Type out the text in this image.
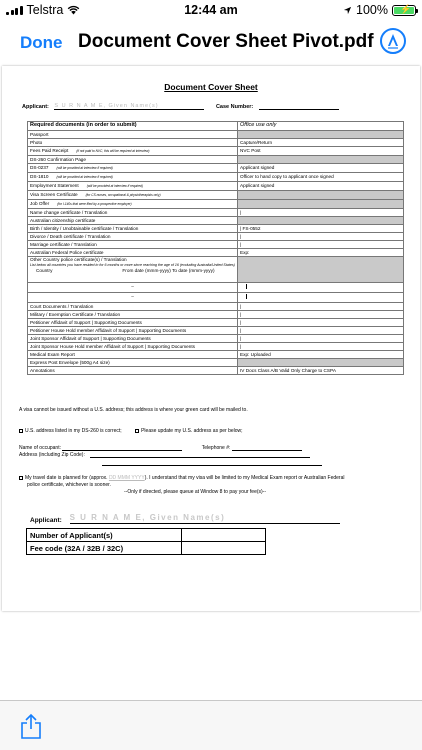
Telstra	12:44 am	100% ⚡
Done Document Cover Sheet Pivot.pdf
Document Cover Sheet
Applicant: S U R N A M E, Given Name(s)	Case Number:
Required documents (in order to submit)	Office use only
Passport	
Photo	Capture/Return
Fees Paid Receipt (if not paid to NVC, this will be required at interview)	NVC Post
DS-260 Confirmation Page	
DS-0237 (will be provided at interview if required)	Applicant signed
DS-1810 (will be provided at interview if required)	Officer to hand copy to applicant once signed
Employment Statement (will be provided at interview if required)	Applicant signed
Visa Screen Certificate (for CS nurses, occupational & physiotherapists only)	
Job Offer (for I-140s that were filed by a prospective employer)	
Name change certificate / Translation	|
Australian citizenship certificate	
Birth / Identity / Unobtainable certificate / Translation	| FS-0552
Divorce / Death certificate / Translation	|
Marriage certificate / Translation	|
Australian Federal Police certificate	Exp:

Other Country police certificate(s) / Translation
List below all countries you have resided in for 6 months or more since reaching the age of 16 (excluding Australia/United States)
Country From date (mmm-yyyy) To date (mmm-yyyy)	

–	
–	
Court Documents / Translation	|
Military / Exemption Certificate / Translation	|
Petitioner Affidavit of Support | Supporting Documents	|
Petitioner House Hold member Affidavit of Support | Supporting Documents	|
Joint Sponsor Affidavit of Support | Supporting Documents	|
Joint Sponsor House Hold member Affidavit of Support | Supporting Documents	|
Medical Exam Report	Exp: Uploaded
Express Post Envelope (500g A4 size)	
Annotations	IV Docs Class A/B Valid Only Charge to CSPA
A visa cannot be issued without a U.S. address; this address is where your green card will be mailed to.
U.S. address listed in my DS-260 is correct;	Please update my U.S. address as per below;
Name of occupant:	Telephone #:
Address (including Zip Code):
My travel date is planned for (approx. DD MMM YYYY). I understand that my visa will be limited to my Medical Exam report or Australian Federal
police certificate, whichever is sooner.
--Only if directed, please queue at Window 8 to pay your fee(s)--
Applicant: S U R N A M E, Given Name(s)
Number of Applicant(s)	
Fee code (32A / 32B / 32C)	
